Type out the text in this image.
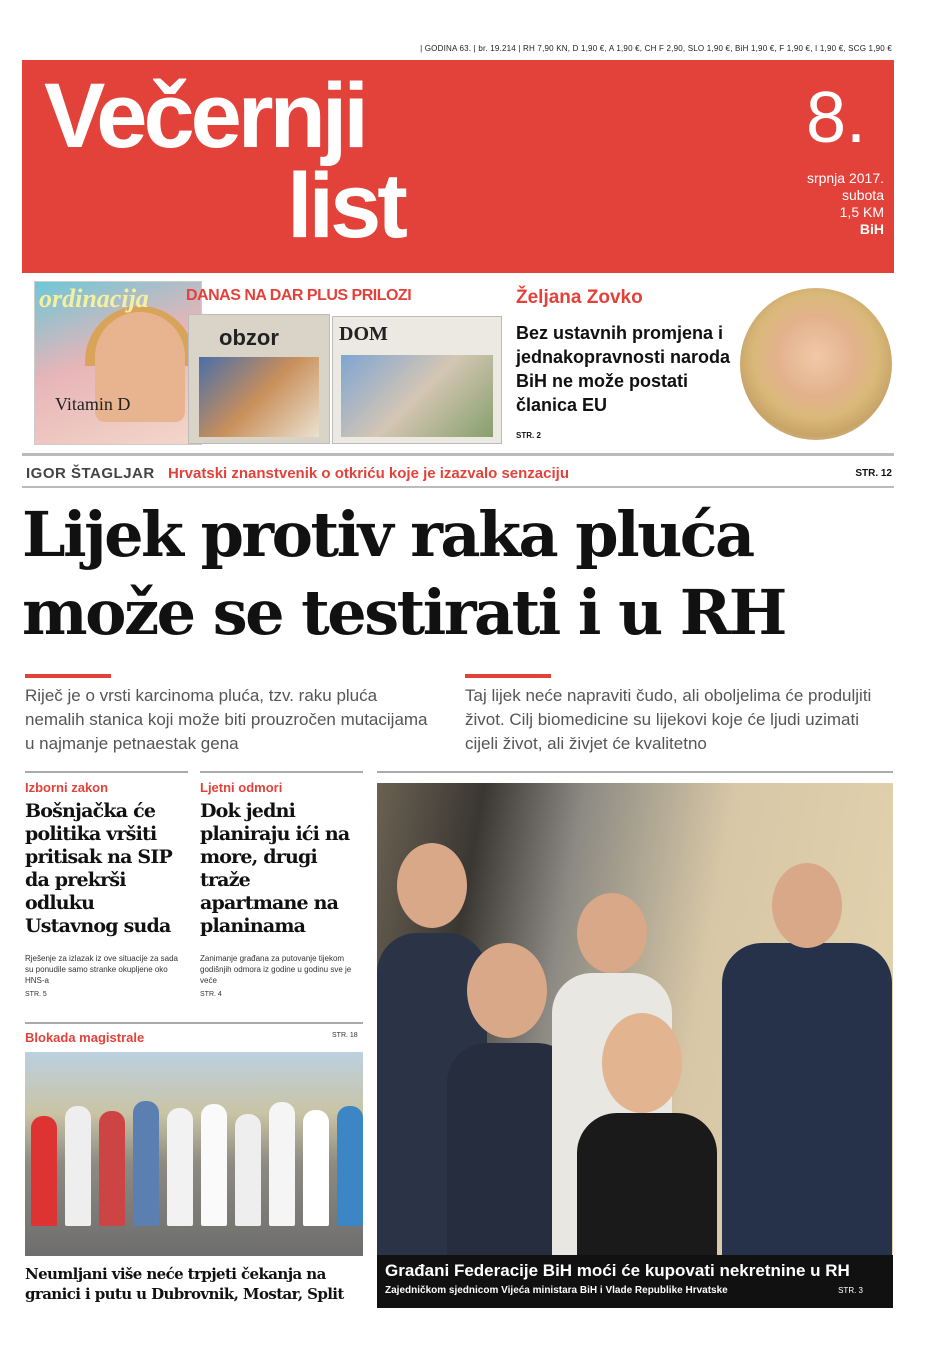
| GODINA 63. | br. 19.214 | RH 7,90 KN, D 1,90 €, A 1,90 €, CH F 2,90, SLO 1,90 €, BiH 1,90 €, F 1,90 €, I 1,90 €, SCG 1,90 €
Večernji
list
8.
srpnja 2017.
subota
1,5 KM
BiH
ordinacija
Vitamin D
DANAS NA DAR PLUS PRILOZI
obzor	DOM
Željana Zovko
Bez ustavnih promjena i jednakopravnosti naroda BiH ne može postati članica EU
STR. 2
IGOR ŠTAGLJAR Hrvatski znanstvenik o otkriću koje je izazvalo senzaciju	STR. 12
Lijek protiv raka pluća
može se testirati i u RH
Riječ je o vrsti karcinoma pluća, tzv. raku pluća nemalih stanica koji može biti prouzročen mutacijama u najmanje petnaestak gena
Taj lijek neće napraviti čudo, ali oboljelima će produljiti život. Cilj biomedicine su lijekovi koje će ljudi uzimati cijeli život, ali živjet će kvalitetno
Izborni zakon
Bošnjačka će politika vršiti pritisak na SIP da prekrši odluku Ustavnog suda
Rješenje za izlazak iz ove situacije za sada su ponudile samo stranke okupljene oko HNS-a
STR. 5
Ljetni odmori
Dok jedni planiraju ići na more, drugi traže apartmane na planinama
Zanimanje građana za putovanje tijekom godišnjih odmora iz godine u godinu sve je veće
STR. 4
Blokada magistrale	STR. 18
Neumljani više neće trpjeti čekanja na granici i putu u Dubrovnik, Mostar, Split
Građani Federacije BiH moći će kupovati nekretnine u RH
Zajedničkom sjednicom Vijeća ministara BiH i Vlade Republike Hrvatske	STR. 3
